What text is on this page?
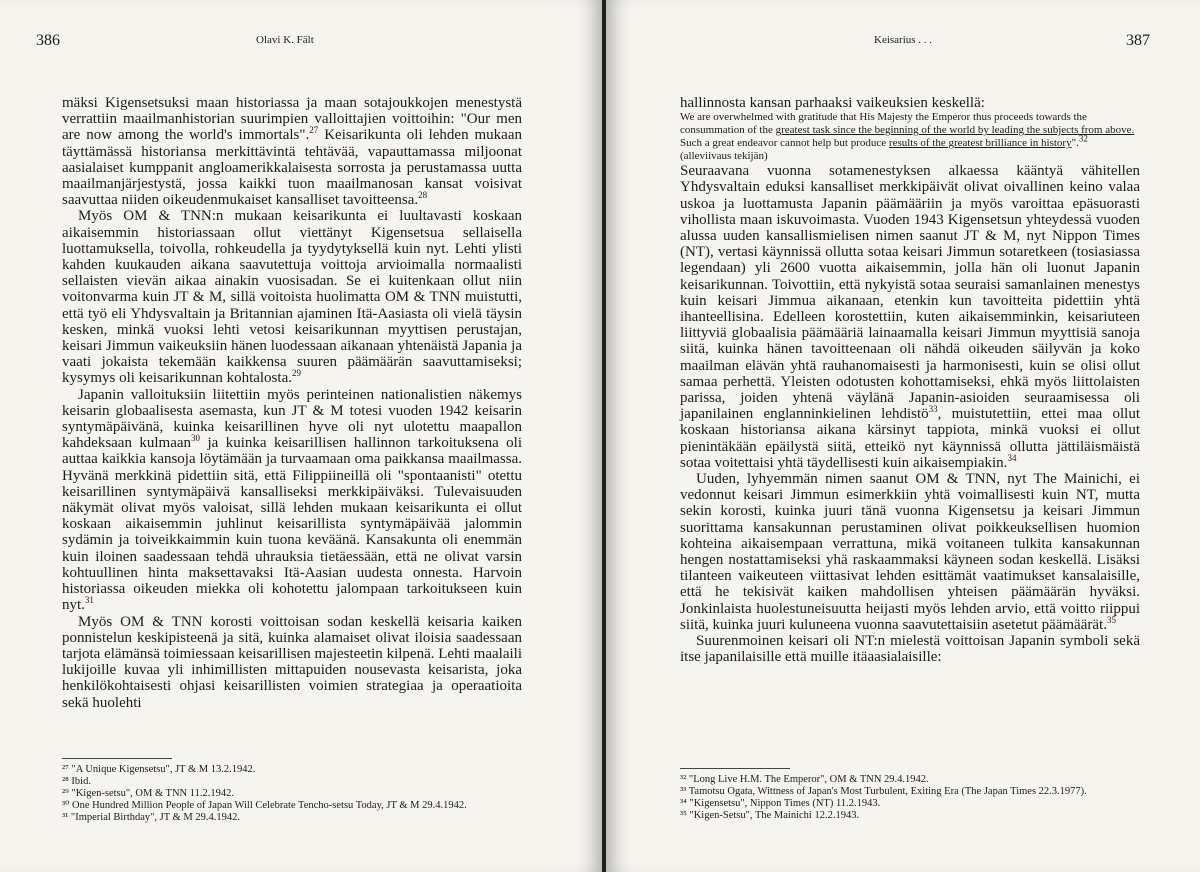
386	Olavi K. Fält

mäksi Kigensetsuksi maan historiassa ja maan sotajoukkojen menestystä verrattiin maailmanhistorian suurimpien valloittajien voittoihin: "Our men are now among the world's immortals".$^{27}$ Keisarikunta oli lehden mukaan täyttämässä historiansa merkittävintä tehtävää, vapauttamassa miljoonat aasialaiset kumppanit angloamerikkalaisesta sorrosta ja perustamassa uutta maailmanjärjestystä, jossa kaikki tuon maailmanosan kansat voisivat saavuttaa niiden oikeudenmukaiset kansalliset tavoitteensa.$^{28}$

Myös OM & TNN:n mukaan keisarikunta ei luultavasti koskaan aikaisemmin historiassaan ollut viettänyt Kigensetsua sellaisella luottamuksella, toivolla, rohkeudella ja tyydytyksellä kuin nyt. Lehti ylisti kahden kuukauden aikana saavutettuja voittoja arvioimalla normaalisti sellaisten vievän aikaa ainakin vuosisadan. Se ei kuitenkaan ollut niin voitonvarma kuin JT & M, sillä voitoista huolimatta OM & TNN muistutti, että työ eli Yhdysvaltain ja Britannian ajaminen Itä-Aasiasta oli vielä täysin kesken, minkä vuoksi lehti vetosi keisarikunnan myyttisen perustajan, keisari Jimmun vaikeuksiin hänen luodessaan aikanaan yhtenäistä Japania ja vaati jokaista tekemään kaikkensa suuren päämäärän saavuttamiseksi; kysymys oli keisarikunnan kohtalosta.$^{29}$

Japanin valloituksiin liitettiin myös perinteinen nationalistien näkemys keisarin globaalisesta asemasta, kun JT & M totesi vuoden 1942 keisarin syntymäpäivänä, kuinka keisarillinen hyve oli nyt ulotettu maapallon kahdeksaan kulmaan$^{30}$ ja kuinka keisarillisen hallinnon tarkoituksena oli auttaa kaikkia kansoja löytämään ja turvaamaan oma paikkansa maailmassa. Hyvänä merkkinä pidettiin sitä, että Filippiineillä oli "spontaanisti" otettu keisarillinen syntymäpäivä kansalliseksi merkkipäiväksi. Tulevaisuuden näkymät olivat myös valoisat, sillä lehden mukaan keisarikunta ei ollut koskaan aikaisemmin juhlinut keisarillista syntymäpäivää jalommin sydämin ja toiveikkaimmin kuin tuona keväänä. Kansakunta oli enemmän kuin iloinen saadessaan tehdä uhrauksia tietäessään, että ne olivat varsin kohtuullinen hinta maksettavaksi Itä-Aasian uudesta onnesta. Harvoin historiassa oikeuden miekka oli kohotettu jalompaan tarkoitukseen kuin nyt.$^{31}$

Myös OM & TNN korosti voittoisan sodan keskellä keisaria kaiken ponnistelun keskipisteenä ja sitä, kuinka alamaiset olivat iloisia saadessaan tarjota elämänsä toimiessaan keisarillisen majesteetin kilpenä. Lehti maalaili lukijoille kuvaa yli inhimillisten mittapuiden nousevasta keisarista, joka henkilökohtaisesti ohjasi keisarillisten voimien strategiaa ja operaatioita sekä huolehti

²⁷ "A Unique Kigensetsu", JT & M 13.2.1942.
²⁸ Ibid.
²⁹ "Kigen-setsu", OM & TNN 11.2.1942.
³⁰ One Hundred Million People of Japan Will Celebrate Tencho-setsu Today, JT & M 29.4.1942.
³¹ "Imperial Birthday", JT & M 29.4.1942.
Keisarius . . .	387

hallinnosta kansan parhaaksi vaikeuksien keskellä:

We are overwhelmed with gratitude that His Majesty the Emperor thus proceeds towards the consummation of the greatest task since the beginning of the world by leading the subjects from above. Such a great endeavor cannot help but produce results of the greatest brilliance in history".$^{32}$ (alleviivaus tekijän)

Seuraavana vuonna sotamenestyksen alkaessa kääntyä vähitellen Yhdysvaltain eduksi kansalliset merkkipäivät olivat oivallinen keino valaa uskoa ja luottamusta Japanin päämääriin ja myös varoittaa epäsuorasti vihollista maan iskuvoimasta. Vuoden 1943 Kigensetsun yhteydessä vuoden alussa uuden kansallismielisen nimen saanut JT & M, nyt Nippon Times (NT), vertasi käynnissä ollutta sotaa keisari Jimmun sotaretkeen (tosiasiassa legendaan) yli 2600 vuotta aikaisemmin, jolla hän oli luonut Japanin keisarikunnan. Toivottiin, että nykyistä sotaa seuraisi samanlainen menestys kuin keisari Jimmua aikanaan, etenkin kun tavoitteita pidettiin yhtä ihanteellisina. Edelleen korostettiin, kuten aikaisemminkin, keisariuteen liittyviä globaalisia päämääriä lainaamalla keisari Jimmun myyttisiä sanoja siitä, kuinka hänen tavoitteenaan oli nähdä oikeuden säilyvän ja koko maailman elävän yhtä rauhanomaisesti ja harmonisesti, kuin se olisi ollut samaa perhettä. Yleisten odotusten kohottamiseksi, ehkä myös liittolaisten parissa, joiden yhtenä väylänä Japanin-asioiden seuraamisessa oli japanilainen englanninkielinen lehdistö$^{33}$, muistutettiin, ettei maa ollut koskaan historiansa aikana kärsinyt tappiota, minkä vuoksi ei ollut pienintäkään epäilystä siitä, etteikö nyt käynnissä ollutta jättiläismäistä sotaa voitettaisi yhtä täydellisesti kuin aikaisempiakin.$^{34}$

Uuden, lyhyemmän nimen saanut OM & TNN, nyt The Mainichi, ei vedonnut keisari Jimmun esimerkkiin yhtä voimallisesti kuin NT, mutta sekin korosti, kuinka juuri tänä vuonna Kigensetsu ja keisari Jimmun suorittama kansakunnan perustaminen olivat poikkeuksellisen huomion kohteina aikaisempaan verrattuna, mikä voitaneen tulkita kansakunnan hengen nostattamiseksi yhä raskaammaksi käyneen sodan keskellä. Lisäksi tilanteen vaikeuteen viittasivat lehden esittämät vaatimukset kansalaisille, että he tekisivät kaiken mahdollisen yhteisen päämäärän hyväksi. Jonkinlaista huolestuneisuutta heijasti myös lehden arvio, että voitto riippui siitä, kuinka juuri kuluneena vuonna saavutettaisiin asetetut päämäärät.$^{35}$

Suurenmoinen keisari oli NT:n mielestä voittoisan Japanin symboli sekä itse japanilaisille että muille itäaasialaisille:

³² "Long Live H.M. The Emperor", OM & TNN 29.4.1942.
³³ Tamotsu Ogata, Wittness of Japan's Most Turbulent, Exiting Era (The Japan Times 22.3.1977).
³⁴ "Kigensetsu", Nippon Times (NT) 11.2.1943.
³⁵ "Kigen-Setsu", The Mainichi 12.2.1943.
